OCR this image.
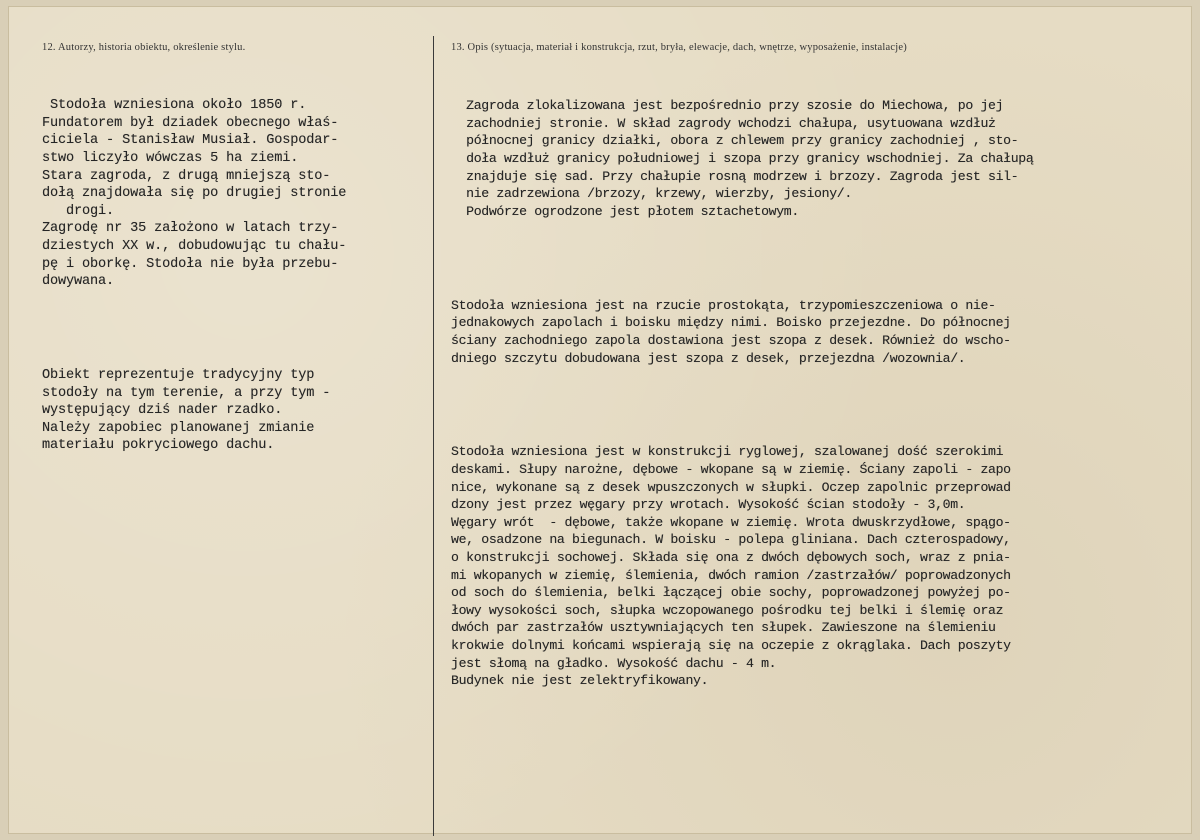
12. Autorzy, historia obiektu, określenie stylu.

Stodoła wzniesiona około 1850 r.
Fundatorem był dziadek obecnego właś-
ciciela - Stanisław Musiał. Gospodar-
stwo liczyło wówczas 5 ha ziemi.
Stara zagroda, z drugą mniejszą sto-
dołą znajdowała się po drugiej stronie
drogi.
Zagrodę nr 35 założono w latach trzy-
dziestych XX w., dobudowując tu chału-
pę i oborkę. Stodoła nie była przebu-
dowywana.

Obiekt reprezentuje tradycyjny typ
stodoły na tym terenie, a przy tym -
występujący dziś nader rzadko.
Należy zapobiec planowanej zmianie
materiału pokryciowego dachu.

13. Opis (sytuacja, materiał i konstrukcja, rzut, bryła, elewacje, dach, wnętrze, wyposażenie, instalacje)

Zagroda zlokalizowana jest bezpośrednio przy szosie do Miechowa, po jej
zachodniej stronie. W skład zagrody wchodzi chałupa, usytuowana wzdłuż
północnej granicy działki, obora z chlewem przy granicy zachodniej , sto-
doła wzdłuż granicy południowej i szopa przy granicy wschodniej. Za chałupą
znajduje się sad. Przy chałupie rosną modrzew i brzozy. Zagroda jest sil-
nie zadrzewiona /brzozy, krzewy, wierzby, jesiony/.
Podwórze ogrodzone jest płotem sztachetowym.

Stodoła wzniesiona jest na rzucie prostokąta, trzypomieszczeniowa o nie-
jednakowych zapolach i boisku między nimi. Boisko przejezdne. Do północnej
ściany zachodniego zapola dostawiona jest szopa z desek. Również do wscho-
dniego szczytu dobudowana jest szopa z desek, przejezdna /wozownia/.

Stodoła wzniesiona jest w konstrukcji ryglowej, szalowanej dość szerokimi
deskami. Słupy narożne, dębowe - wkopane są w ziemię. Ściany zapoli - zapo
nice, wykonane są z desek wpuszczonych w słupki. Oczep zapolnic przeprowad
dzony jest przez węgary przy wrotach. Wysokość ścian stodoły - 3,0m.
Węgary wrót  - dębowe, także wkopane w ziemię. Wrota dwuskrzydłowe, spągo-
we, osadzone na biegunach. W boisku - polepa gliniana. Dach czterospadowy,
o konstrukcji sochowej. Składa się ona z dwóch dębowych soch, wraz z pnia-
mi wkopanych w ziemię, ślemienia, dwóch ramion /zastrzałów/ poprowadzonych
od soch do ślemienia, belki łączącej obie sochy, poprowadzonej powyżej po-
łowy wysokości soch, słupka wczopowanego pośrodku tej belki i ślemię oraz
dwóch par zastrzałów usztywniających ten słupek. Zawieszone na ślemieniu
krokwie dolnymi końcami wspierają się na oczepie z okrąglaka. Dach poszyty
jest słomą na gładko. Wysokość dachu - 4 m.
Budynek nie jest zelektryfikowany.
